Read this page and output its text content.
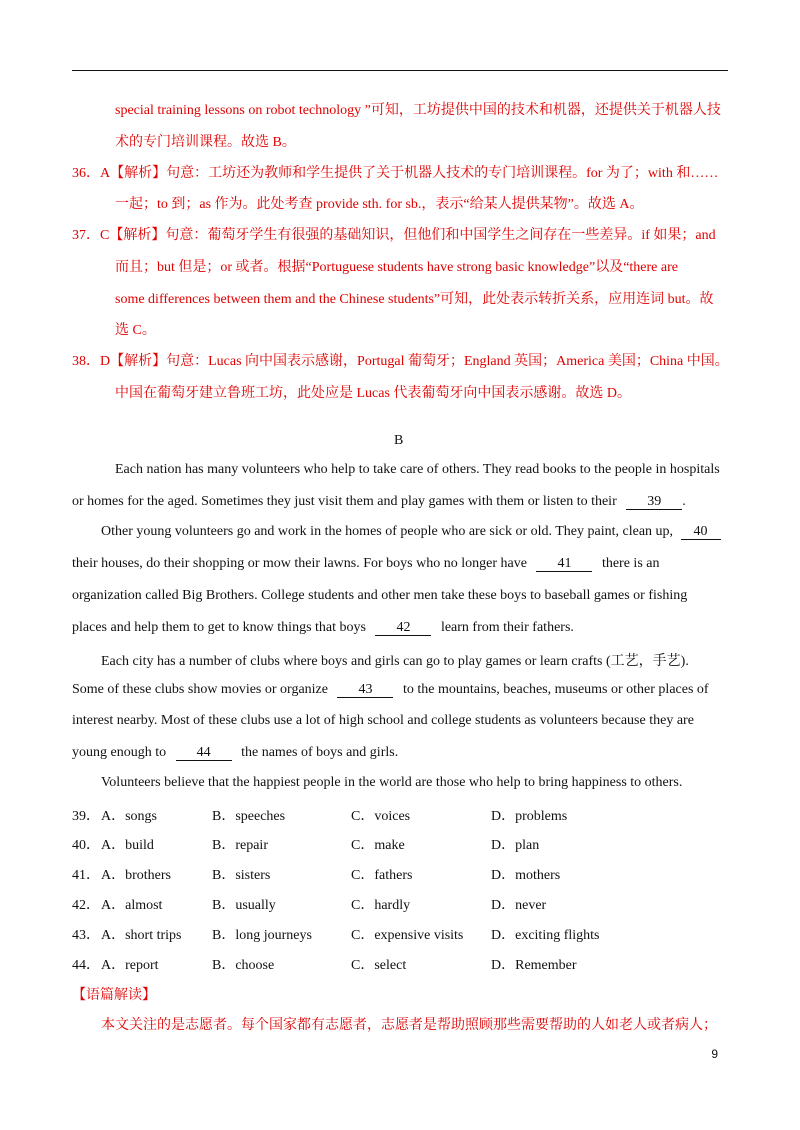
special training lessons on robot technology ”可知，工坊提供中国的技术和机器，还提供关于机器人技
术的专门培训课程。故选 B。
36．A【解析】句意：工坊还为教师和学生提供了关于机器人技术的专门培训课程。for 为了；with 和……
一起；to 到；as 作为。此处考查 provide sth. for sb.，表示“给某人提供某物”。故选 A。
37．C【解析】句意：葡萄牙学生有很强的基础知识，但他们和中国学生之间存在一些差异。if 如果；and
而且；but 但是；or 或者。根据“Portuguese students have strong basic knowledge”以及“there are
some differences between them and the Chinese students”可知，此处表示转折关系，应用连词 but。故
选 C。
38．D【解析】句意：Lucas 向中国表示感谢，Portugal 葡萄牙；England 英国；America 美国；China 中国。
中国在葡萄牙建立鲁班工坊，此处应是 Lucas 代表葡萄牙向中国表示感谢。故选 D。
B
Each nation has many volunteers who help to take care of others. They read books to the people in hospitals
or homes for the aged. Sometimes they just visit them and play games with them or listen to their 39 .
Other young volunteers go and work in the homes of people who are sick or old. They paint, clean up, 40
their houses, do their shopping or mow their lawns. For boys who no longer have 41 there is an
organization called Big Brothers. College students and other men take these boys to baseball games or fishing
places and help them to get to know things that boys 42 learn from their fathers.
Each city has a number of clubs where boys and girls can go to play games or learn crafts (工艺，手艺).
Some of these clubs show movies or organize 43 to the mountains, beaches, museums or other places of
interest nearby. Most of these clubs use a lot of high school and college students as volunteers because they are
young enough to 44 the names of boys and girls.
Volunteers believe that the happiest people in the world are those who help to bring happiness to others.
39． A．songs	B．speeches	C．voices	D．problems
40． A．build	B．repair	C．make	D．plan
41． A．brothers	B．sisters	C．fathers	D．mothers
42． A．almost	B．usually	C．hardly	D．never
43． A．short trips B．long journeys	C．expensive visits D．exciting flights
44． A．report	B．choose	C．select	D．Remember
【语篇解读】
本文关注的是志愿者。每个国家都有志愿者，志愿者是帮助照顾那些需要帮助的人如老人或者病人；
9
